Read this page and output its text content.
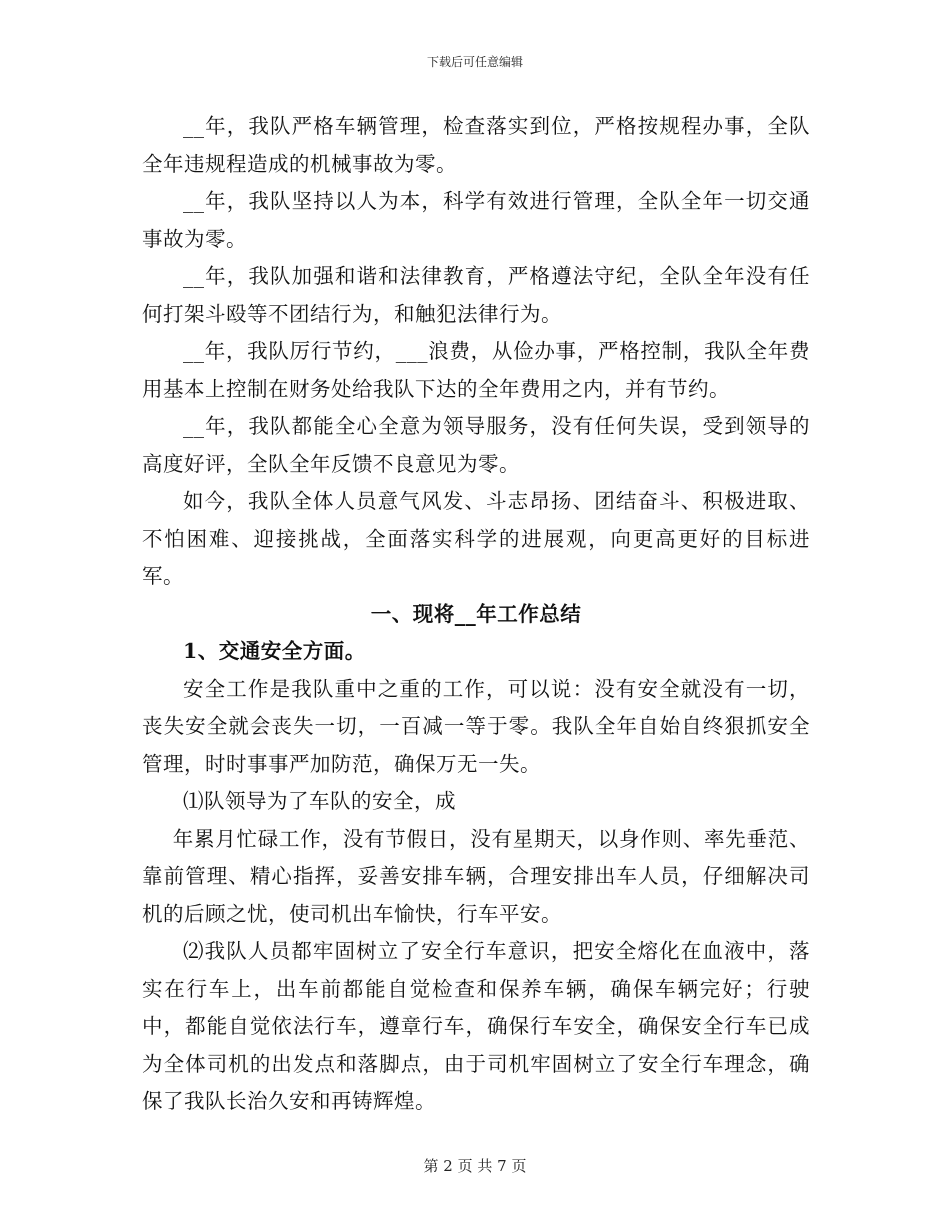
下载后可任意编辑

__年，我队严格车辆管理，检查落实到位，严格按规程办事，全队全年违规程造成的机械事故为零。

__年，我队坚持以人为本，科学有效进行管理，全队全年一切交通事故为零。

__年，我队加强和谐和法律教育，严格遵法守纪，全队全年没有任何打架斗殴等不团结行为，和触犯法律行为。

__年，我队厉行节约，___浪费，从俭办事，严格控制，我队全年费用基本上控制在财务处给我队下达的全年费用之内，并有节约。

__年，我队都能全心全意为领导服务，没有任何失误，受到领导的高度好评，全队全年反馈不良意见为零。

如今，我队全体人员意气风发、斗志昂扬、团结奋斗、积极进取、不怕困难、迎接挑战，全面落实科学的进展观，向更高更好的目标进军。

一、现将__年工作总结
1、交通安全方面。

安全工作是我队重中之重的工作，可以说：没有安全就没有一切，丧失安全就会丧失一切，一百减一等于零。我队全年自始自终狠抓安全管理，时时事事严加防范，确保万无一失。

⑴队领导为了车队的安全，成

年累月忙碌工作，没有节假日，没有星期天，以身作则、率先垂范、靠前管理、精心指挥，妥善安排车辆，合理安排出车人员，仔细解决司机的后顾之忧，使司机出车愉快，行车平安。

⑵我队人员都牢固树立了安全行车意识，把安全熔化在血液中，落实在行车上，出车前都能自觉检查和保养车辆，确保车辆完好；行驶中，都能自觉依法行车，遵章行车，确保行车安全，确保安全行车已成为全体司机的出发点和落脚点，由于司机牢固树立了安全行车理念，确保了我队长治久安和再铸辉煌。

第 2 页 共 7 页
